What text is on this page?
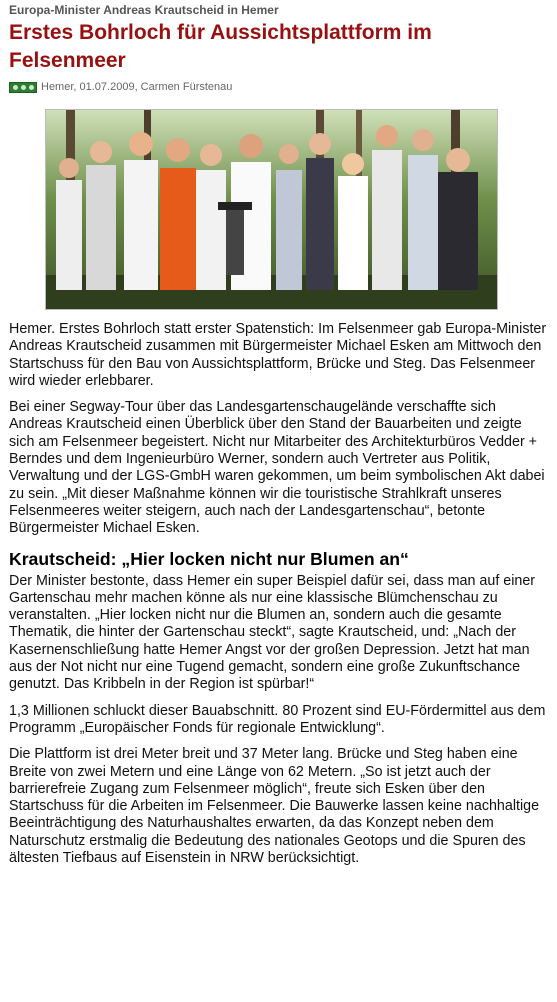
Europa-Minister Andreas Krautscheid in Hemer

Erstes Bohrloch für Aussichtsplattform im Felsenmeer
Hemer, 01.07.2009, Carmen Fürstenau

Hemer. Erstes Bohrloch statt erster Spatenstich: Im Felsenmeer gab Europa-Minister Andreas Krautscheid zusammen mit Bürgermeister Michael Esken am Mittwoch den Startschuss für den Bau von Aussichtsplattform, Brücke und Steg. Das Felsenmeer wird wieder erlebbarer.

Bei einer Segway-Tour über das Landesgartenschaugelände verschaffte sich Andreas Krautscheid einen Überblick über den Stand der Bauarbeiten und zeigte sich am Felsenmeer begeistert. Nicht nur Mitarbeiter des Architekturbüros Vedder + Berndes und dem Ingenieurbüro Werner, sondern auch Vertreter aus Politik, Verwaltung und der LGS-GmbH waren gekommen, um beim symbolischen Akt dabei zu sein. „Mit dieser Maßnahme können wir die touristische Strahlkraft unseres Felsenmeeres weiter steigern, auch nach der Landesgartenschau“, betonte Bürgermeister Michael Esken.

Krautscheid: „Hier locken nicht nur Blumen an“

Der Minister bestonte, dass Hemer ein super Beispiel dafür sei, dass man auf einer Gartenschau mehr machen könne als nur eine klassische Blümchenschau zu veranstalten. „Hier locken nicht nur die Blumen an, sondern auch die gesamte Thematik, die hinter der Gartenschau steckt“, sagte Krautscheid, und: „Nach der Kasernenschließung hatte Hemer Angst vor der großen Depression. Jetzt hat man aus der Not nicht nur eine Tugend gemacht, sondern eine große Zukunftschance genutzt. Das Kribbeln in der Region ist spürbar!“

1,3 Millionen schluckt dieser Bauabschnitt. 80 Prozent sind EU-Fördermittel aus dem Programm „Europäischer Fonds für regionale Entwicklung“.

Die Plattform ist drei Meter breit und 37 Meter lang. Brücke und Steg haben eine Breite von zwei Metern und eine Länge von 62 Metern. „So ist jetzt auch der barrierefreie Zugang zum Felsenmeer möglich“, freute sich Esken über den Startschuss für die Arbeiten im Felsenmeer. Die Bauwerke lassen keine nachhaltige Beeinträchtigung des Naturhaushaltes erwarten, da das Konzept neben dem Naturschutz erstmalig die Bedeutung des nationales Geotops und die Spuren des ältesten Tiefbaus auf Eisenstein in NRW berücksichtigt.
